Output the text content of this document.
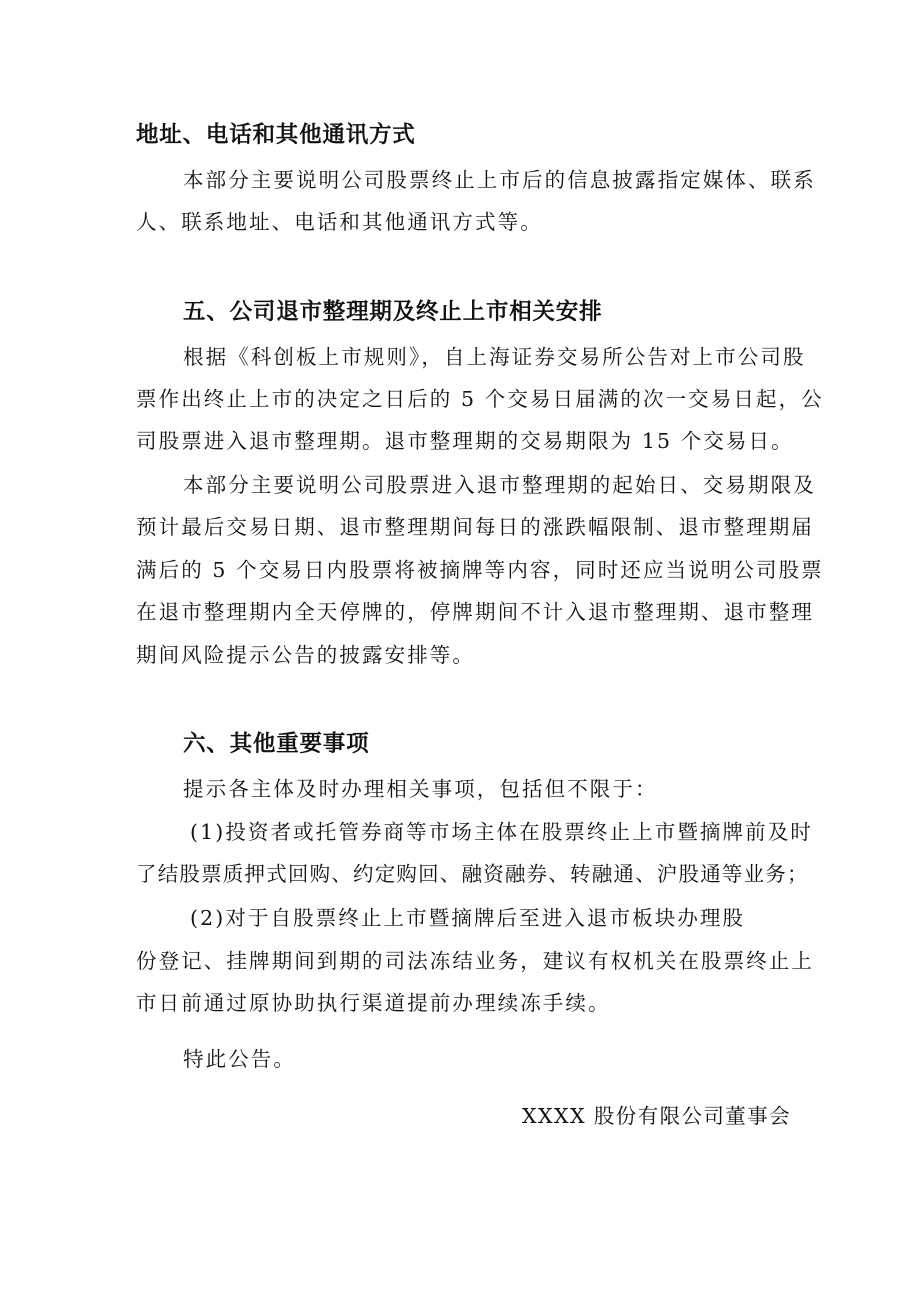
地址、电话和其他通讯方式
本部分主要说明公司股票终止上市后的信息披露指定媒体、联系
人、联系地址、电话和其他通讯方式等。
五、公司退市整理期及终止上市相关安排
根据《科创板上市规则》，自上海证券交易所公告对上市公司股
票作出终止上市的决定之日后的 5 个交易日届满的次一交易日起，公
司股票进入退市整理期。退市整理期的交易期限为 15 个交易日。
本部分主要说明公司股票进入退市整理期的起始日、交易期限及
预计最后交易日期、退市整理期间每日的涨跌幅限制、退市整理期届
满后的 5 个交易日内股票将被摘牌等内容，同时还应当说明公司股票
在退市整理期内全天停牌的，停牌期间不计入退市整理期、退市整理
期间风险提示公告的披露安排等。
六、其他重要事项
提示各主体及时办理相关事项，包括但不限于：
(1)投资者或托管券商等市场主体在股票终止上市暨摘牌前及时
了结股票质押式回购、约定购回、融资融券、转融通、沪股通等业务；
(2)对于自股票终止上市暨摘牌后至进入退市板块办理股
份登记、挂牌期间到期的司法冻结业务，建议有权机关在股票终止上
市日前通过原协助执行渠道提前办理续冻手续。
特此公告。
XXXX 股份有限公司董事会
